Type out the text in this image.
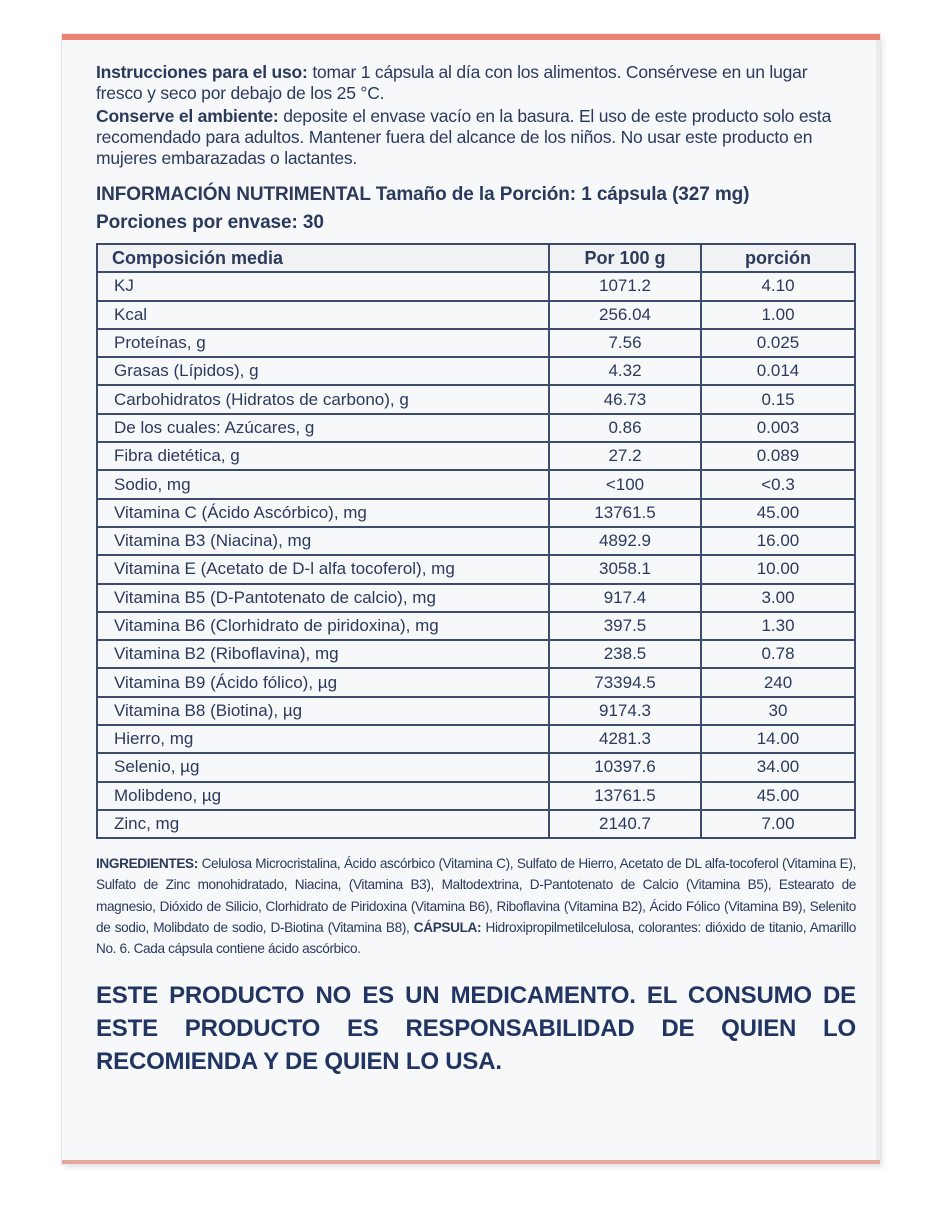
Instrucciones para el uso: tomar 1 cápsula al día con los alimentos. Consérvese en un lugar fresco y seco por debajo de los 25 °C.

Conserve el ambiente: deposite el envase vacío en la basura. El uso de este producto solo esta recomendado para adultos. Mantener fuera del alcance de los niños. No usar este producto en mujeres embarazadas o lactantes.

INFORMACIÓN NUTRIMENTAL Tamaño de la Porción: 1 cápsula (327 mg)
Porciones por envase: 30
Composición media	Por 100 g	porción
KJ	1071.2	4.10
Kcal	256.04	1.00
Proteínas, g	7.56	0.025
Grasas (Lípidos), g	4.32	0.014
Carbohidratos (Hidratos de carbono), g	46.73	0.15
De los cuales: Azúcares, g	0.86	0.003
Fibra dietética, g	27.2	0.089
Sodio, mg	<100	<0.3
Vitamina C (Ácido Ascórbico), mg	13761.5	45.00
Vitamina B3 (Niacina), mg	4892.9	16.00
Vitamina E (Acetato de D-l alfa tocoferol), mg	3058.1	10.00
Vitamina B5 (D-Pantotenato de calcio), mg	917.4	3.00
Vitamina B6 (Clorhidrato de piridoxina), mg	397.5	1.30
Vitamina B2 (Riboflavina), mg	238.5	0.78
Vitamina B9 (Ácido fólico), µg	73394.5	240
Vitamina B8 (Biotina), µg	9174.3	30
Hierro, mg	4281.3	14.00
Selenio, µg	10397.6	34.00
Molibdeno, µg	13761.5	45.00
Zinc, mg	2140.7	7.00
INGREDIENTES: Celulosa Microcristalina, Ácido ascórbico (Vitamina C), Sulfato de Hierro, Acetato de DL alfa-tocoferol (Vitamina E), Sulfato de Zinc monohidratado, Niacina, (Vitamina B3), Maltodextrina, D-Pantotenato de Calcio (Vitamina B5), Estearato de magnesio, Dióxido de Silicio, Clorhidrato de Piridoxina (Vitamina B6), Riboflavina (Vitamina B2), Ácido Fólico (Vitamina B9), Selenito de sodio, Molibdato de sodio, D-Biotina (Vitamina B8), CÁPSULA: Hidroxipropilmetilcelulosa, colorantes: dióxido de titanio, Amarillo No. 6. Cada cápsula contiene ácido ascórbico.
ESTE PRODUCTO NO ES UN MEDICAMENTO. EL CONSUMO DE ESTE PRODUCTO ES RESPONSABILIDAD DE QUIEN LO RECOMIENDA Y DE QUIEN LO USA.
